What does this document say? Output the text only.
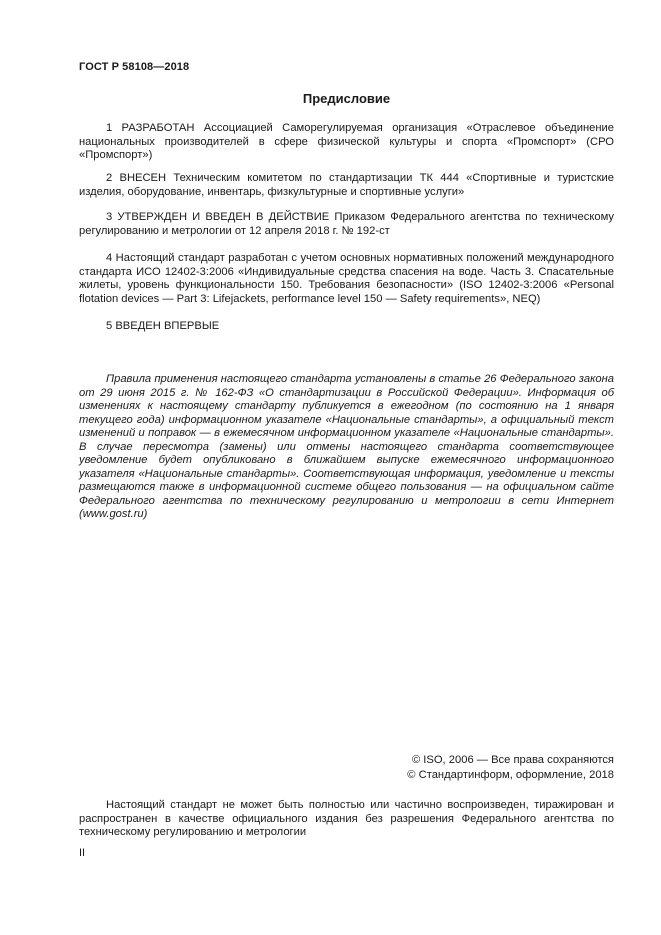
ГОСТ Р 58108—2018
Предисловие

1 РАЗРАБОТАН Ассоциацией Саморегулируемая организация «Отраслевое объединение национальных производителей в сфере физической культуры и спорта «Промспорт» (СРО «Промспорт»)

2 ВНЕСЕН Техническим комитетом по стандартизации ТК 444 «Спортивные и туристские изделия, оборудование, инвентарь, физкультурные и спортивные услуги»

3 УТВЕРЖДЕН И ВВЕДЕН В ДЕЙСТВИЕ Приказом Федерального агентства по техническому регулированию и метрологии от 12 апреля 2018 г. № 192-ст

4 Настоящий стандарт разработан с учетом основных нормативных положений международного стандарта ИСО 12402-3:2006 «Индивидуальные средства спасения на воде. Часть 3. Спасательные жилеты, уровень функциональности 150. Требования безопасности» (ISO 12402-3:2006 «Personal flotation devices — Part 3: Lifejackets, performance level 150 — Safety requirements», NEQ)

5 ВВЕДЕН ВПЕРВЫЕ

Правила применения настоящего стандарта установлены в статье 26 Федерального закона от 29 июня 2015 г. № 162-ФЗ «О стандартизации в Российской Федерации». Информация об изменениях к настоящему стандарту публикуется в ежегодном (по состоянию на 1 января текущего года) информационном указателе «Национальные стандарты», а официальный текст изменений и поправок — в ежемесячном информационном указателе «Национальные стандарты». В случае пересмотра (замены) или отмены настоящего стандарта соответствующее уведомление будет опубликовано в ближайшем выпуске ежемесячного информационного указателя «Национальные стандарты». Соответствующая информация, уведомление и тексты размещаются также в информационной системе общего пользования — на официальном сайте Федерального агентства по техническому регулированию и метрологии в сети Интернет (www.gost.ru)

© ISO, 2006 — Все права сохраняются
© Стандартинформ, оформление, 2018

Настоящий стандарт не может быть полностью или частично воспроизведен, тиражирован и распространен в качестве официального издания без разрешения Федерального агентства по техническому регулированию и метрологии

II
